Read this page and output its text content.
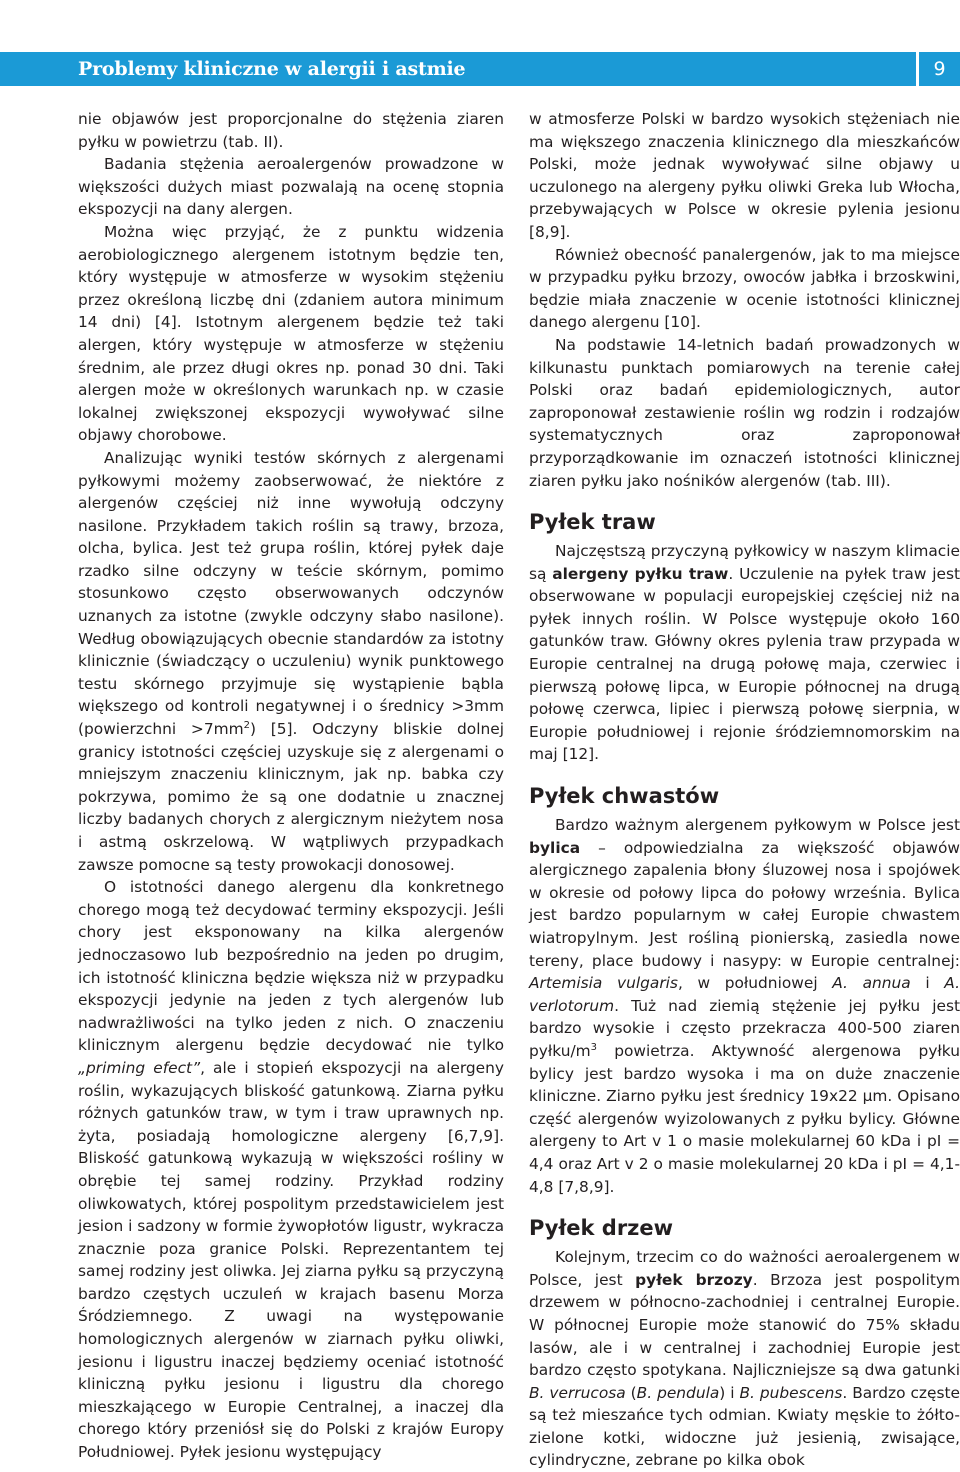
Problemy kliniczne w alergii i astmie	9

nie objawów jest proporcjonalne do stężenia ziaren pyłku w powietrzu (tab. II).

Badania stężenia aeroalergenów prowadzone w większości dużych miast pozwalają na ocenę stopnia ekspozycji na dany alergen.

Można więc przyjąć, że z punktu widzenia aerobiologicznego alergenem istotnym będzie ten, który występuje w atmosferze w wysokim stężeniu przez określoną liczbę dni (zdaniem autora minimum 14 dni) [4]. Istotnym alergenem będzie też taki alergen, który występuje w atmosferze w stężeniu średnim, ale przez długi okres np. ponad 30 dni. Taki alergen może w określonych warunkach np. w czasie lokalnej zwiększonej ekspozycji wywoływać silne objawy chorobowe.

Analizując wyniki testów skórnych z alergenami pyłkowymi możemy zaobserwować, że niektóre z alergenów częściej niż inne wywołują odczyny nasilone. Przykładem takich roślin są trawy, brzoza, olcha, bylica. Jest też grupa roślin, której pyłek daje rzadko silne odczyny w teście skórnym, pomimo stosunkowo często obserwowanych odczynów uznanych za istotne (zwykle odczyny słabo nasilone). Według obowiązujących obecnie standardów za istotny klinicznie (świadczący o uczuleniu) wynik punktowego testu skórnego przyjmuje się wystąpienie bąbla większego od kontroli negatywnej i o średnicy >3mm (powierzchni $>7mm^2$) [5]. Odczyny bliskie dolnej granicy istotności częściej uzyskuje się z alergenami o mniejszym znaczeniu klinicznym, jak np. babka czy pokrzywa, pomimo że są one dodatnie u znacznej liczby badanych chorych z alergicznym nieżytem nosa i astmą oskrzelową. W wątpliwych przypadkach zawsze pomocne są testy prowokacji donosowej.

O istotności danego alergenu dla konkretnego chorego mogą też decydować terminy ekspozycji. Jeśli chory jest eksponowany na kilka alergenów jednoczasowo lub bezpośrednio na jeden po drugim, ich istotność kliniczna będzie większa niż w przypadku ekspozycji jedynie na jeden z tych alergenów lub nadwrażliwości na tylko jeden z nich. O znaczeniu klinicznym alergenu będzie decydować nie tylko „priming efect”, ale i stopień ekspozycji na alergeny roślin, wykazujących bliskość gatunkową. Ziarna pyłku różnych gatunków traw, w tym i traw uprawnych np. żyta, posiadają homologiczne alergeny [6,7,9]. Bliskość gatunkową wykazują w większości rośliny w obrębie tej samej rodziny. Przykład rodziny oliwkowatych, której pospolitym przedstawicielem jest jesion i sadzony w formie żywopłotów ligustr, wykracza znacznie poza granice Polski. Reprezentantem tej samej rodziny jest oliwka. Jej ziarna pyłku są przyczyną bardzo częstych uczuleń w krajach basenu Morza Śródziemnego. Z uwagi na występowanie homologicznych alergenów w ziarnach pyłku oliwki, jesionu i ligustru inaczej będziemy oceniać istotność kliniczną pyłku jesionu i ligustru dla chorego mieszkającego w Europie Centralnej, a inaczej dla chorego który przeniósł się do Polski z krajów Europy Południowej. Pyłek jesionu występujący

w atmosferze Polski w bardzo wysokich stężeniach nie ma większego znaczenia klinicznego dla mieszkańców Polski, może jednak wywoływać silne objawy u uczulonego na alergeny pyłku oliwki Greka lub Włocha, przebywających w Polsce w okresie pylenia jesionu [8,9].

Również obecność panalergenów, jak to ma miejsce w przypadku pyłku brzozy, owoców jabłka i brzoskwini, będzie miała znaczenie w ocenie istotności klinicznej danego alergenu [10].

Na podstawie 14-letnich badań prowadzonych w kilkunastu punktach pomiarowych na terenie całej Polski oraz badań epidemiologicznych, autor zaproponował zestawienie roślin wg rodzin i rodzajów systematycznych oraz zaproponował przyporządkowanie im oznaczeń istotności klinicznej ziaren pyłku jako nośników alergenów (tab. III).

Pyłek traw

Najczęstszą przyczyną pyłkowicy w naszym klimacie są alergeny pyłku traw. Uczulenie na pyłek traw jest obserwowane w populacji europejskiej częściej niż na pyłek innych roślin. W Polsce występuje około 160 gatunków traw. Główny okres pylenia traw przypada w Europie centralnej na drugą połowę maja, czerwiec i pierwszą połowę lipca, w Europie północnej na drugą połowę czerwca, lipiec i pierwszą połowę sierpnia, w Europie południowej i rejonie śródziemnomorskim na maj [12].

Pyłek chwastów

Bardzo ważnym alergenem pyłkowym w Polsce jest bylica – odpowiedzialna za większość objawów alergicznego zapalenia błony śluzowej nosa i spojówek w okresie od połowy lipca do połowy września. Bylica jest bardzo popularnym w całej Europie chwastem wiatropylnym. Jest rośliną pionierską, zasiedla nowe tereny, place budowy i nasypy: w Europie centralnej: Artemisia vulgaris, w południowej A. annua i A. verlotorum. Tuż nad ziemią stężenie jej pyłku jest bardzo wysokie i często przekracza 400-500 ziaren pyłku/$m^3$ powietrza. Aktywność alergenowa pyłku bylicy jest bardzo wysoka i ma on duże znaczenie kliniczne. Ziarno pyłku jest średnicy 19x22 μm. Opisano część alergenów wyizolowanych z pyłku bylicy. Główne alergeny to Art v 1 o masie molekularnej 60 kDa i pI = 4,4 oraz Art v 2 o masie molekularnej 20 kDa i pI = 4,1-4,8 [7,8,9].

Pyłek drzew

Kolejnym, trzecim co do ważności aeroalergenem w Polsce, jest pyłek brzozy. Brzoza jest pospolitym drzewem w północno-zachodniej i centralnej Europie. W północnej Europie może stanowić do 75% składu lasów, ale i w centralnej i zachodniej Europie jest bardzo często spotykana. Najliczniejsze są dwa gatunki B. verrucosa (B. pendula) i B. pubescens. Bardzo częste są też mieszańce tych odmian. Kwiaty męskie to żółto-zielone kotki, widoczne już jesienią, zwisające, cylindryczne, zebrane po kilka obok
